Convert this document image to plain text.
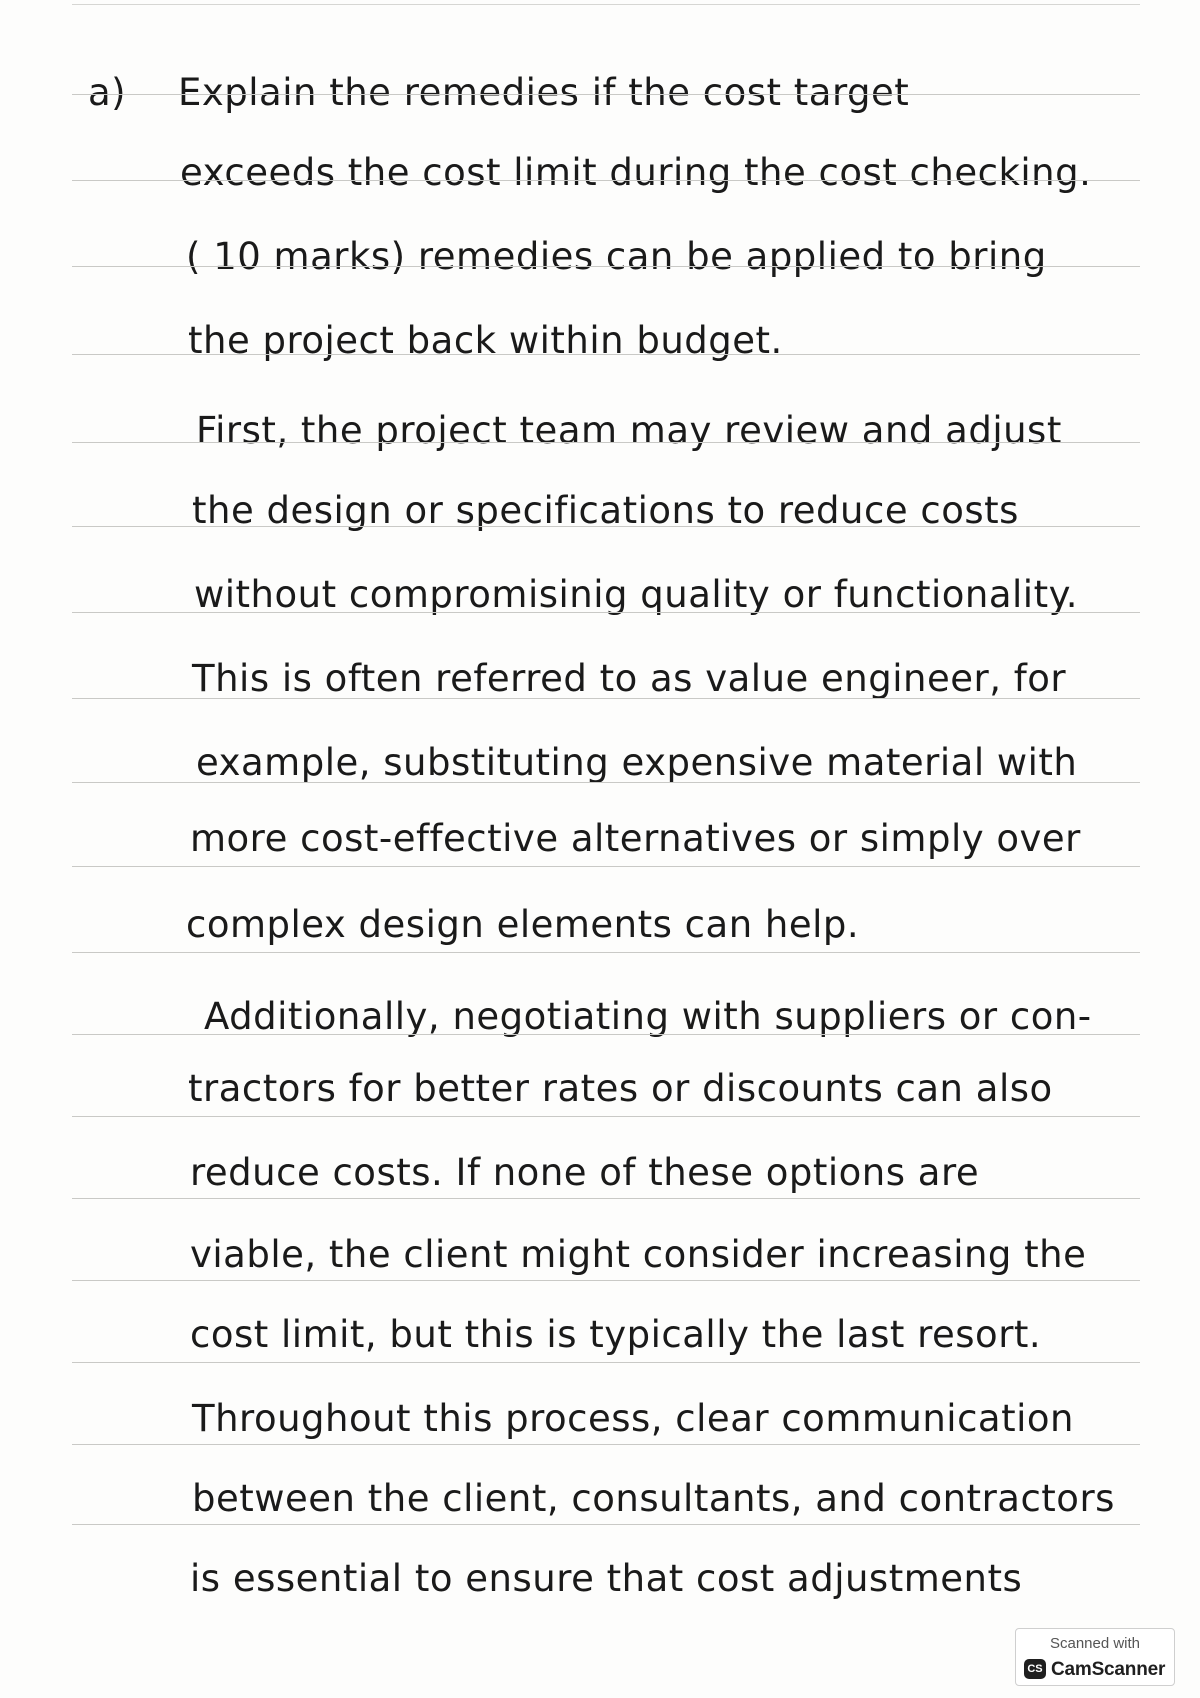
a) Explain the remedies if the cost target
exceeds the cost limit during the cost checking.
( 10 marks) remedies can be applied to bring
the project back within budget.
First, the project team may review and adjust
the design or specifications to reduce costs
without compromisinig quality or functionality.
This is often referred to as value engineer, for
example, substituting expensive material with
more cost-effective alternatives or simply over
complex design elements can help.
Additionally, negotiating with suppliers or con-
tractors for better rates or discounts can also
reduce costs. If none of these options are
viable, the client might consider increasing the
cost limit, but this is typically the last resort.
Throughout this process, clear communication
between the client, consultants, and contractors
is essential to ensure that cost adjustments
Scanned with
CS CamScanner
